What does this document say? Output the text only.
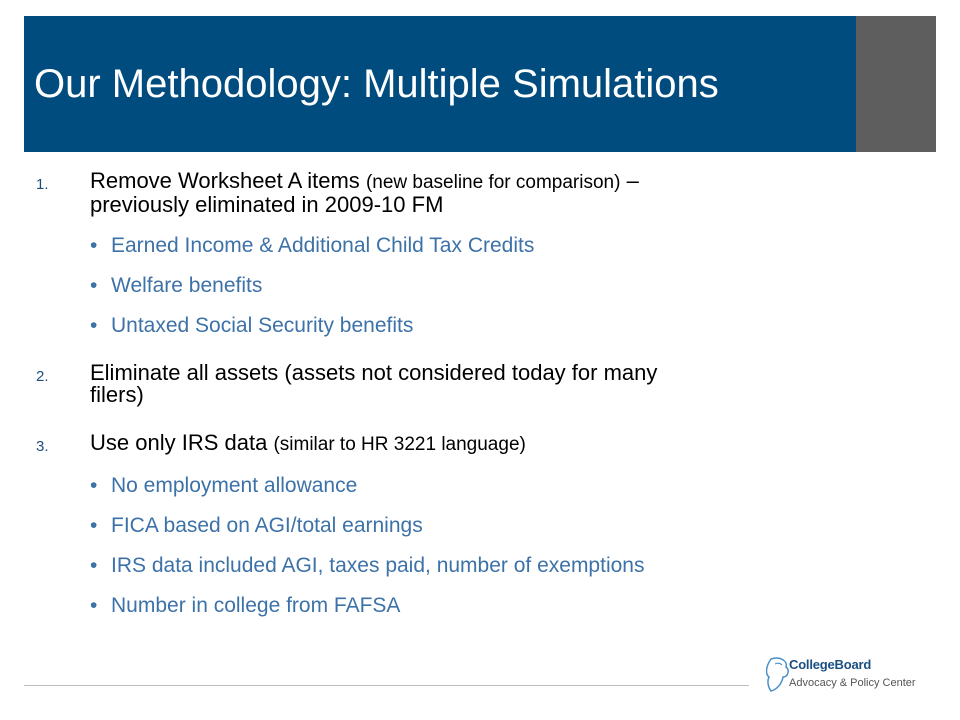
Our Methodology: Multiple Simulations
1. Remove Worksheet A items (new baseline for comparison) –
previously eliminated in 2009-10 FM
• Earned Income & Additional Child Tax Credits
• Welfare benefits
• Untaxed Social Security benefits
2. Eliminate all assets (assets not considered today for many
filers)
3. Use only IRS data (similar to HR 3221 language)
• No employment allowance
• FICA based on AGI/total earnings
• IRS data included AGI, taxes paid, number of exemptions
• Number in college from FAFSA
CollegeBoard
Advocacy & Policy Center
